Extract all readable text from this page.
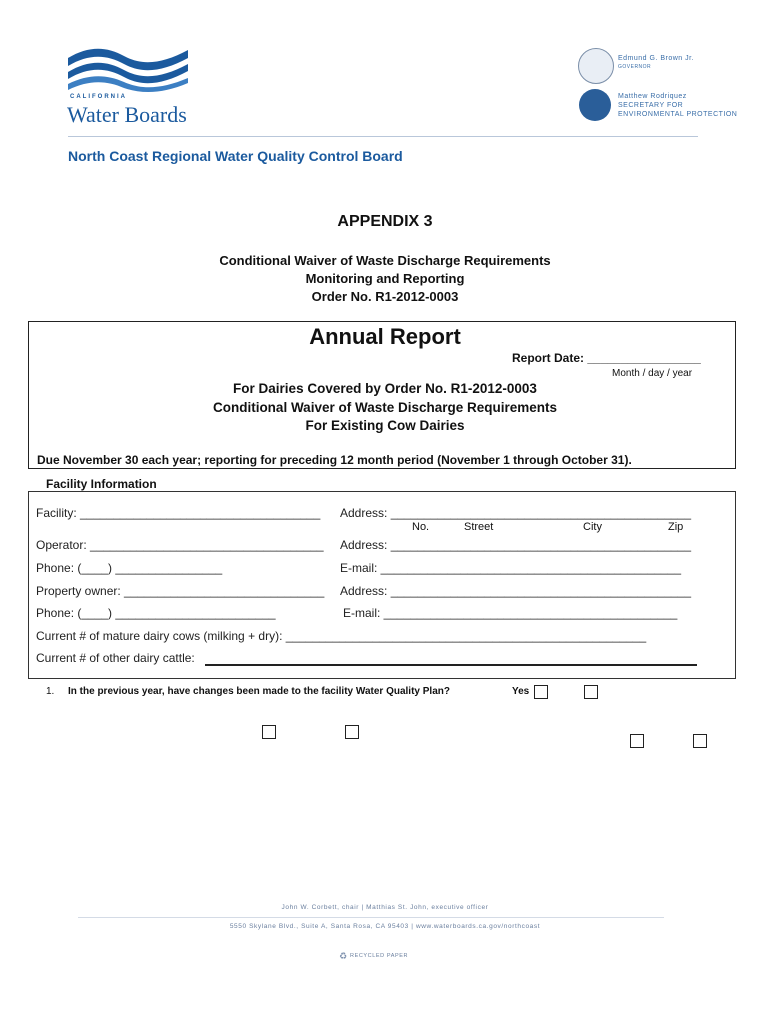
CALIFORNIA
Water Boards
Edmund G. Brown Jr.
GOVERNOR
Matthew Rodriquez
SECRETARY FOR
ENVIRONMENTAL PROTECTION
North Coast Regional Water Quality Control Board
APPENDIX 3
Conditional Waiver of Waste Discharge Requirements
Monitoring and Reporting
Order No. R1-2012-0003
Annual Report
Report Date: _________________
Month / day / year
For Dairies Covered by Order No. R1-2012-0003
Conditional Waiver of Waste Discharge Requirements
For Existing Cow Dairies
Due November 30 each year; reporting for preceding 12 month period (November 1 through October 31).
Facility Information
Facility: ____________________________________ Address: _____________________________________________
No.	Street	City	Zip
Operator: ___________________________________ Address: _____________________________________________
Phone: (____) ________________	E-mail: _____________________________________________
Property owner: ______________________________ Address: _____________________________________________
Phone: (____) ________________________	E-mail: ____________________________________________
Current # of mature dairy cows (milking + dry): ______________________________________________________
Current # of other dairy cattle:
1. In the previous year, have changes been made to the facility Water Quality Plan?	Yes
John W. Corbett, chair | Matthias St. John, executive officer
5550 Skylane Blvd., Suite A, Santa Rosa, CA 95403 | www.waterboards.ca.gov/northcoast
♻ RECYCLED PAPER
